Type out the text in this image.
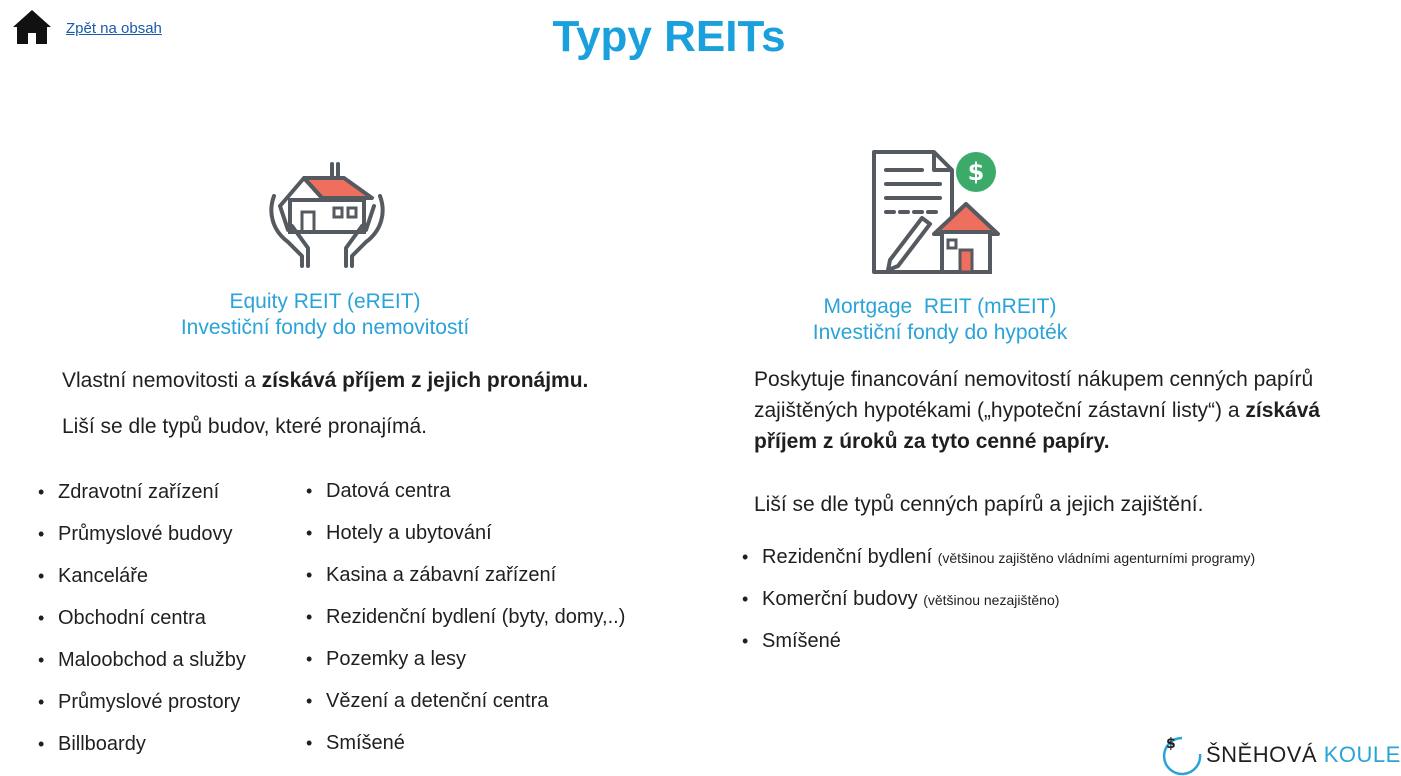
Zpět na obsah	Typy REITs
$
Equity REIT (eREIT)
Investiční fondy do nemovitostí
Vlastní nemovitosti a získává příjem z jejich pronájmu.
Liší se dle typů budov, které pronajímá.
• Zdravotní zařízení
• Průmyslové budovy
• Kanceláře
• Obchodní centra
• Maloobchod a služby
• Průmyslové prostory
• Billboardy
• Datová centra
• Hotely a ubytování
• Kasina a zábavní zařízení
• Rezidenční bydlení (byty, domy,..)
• Pozemky a lesy
• Vězení a detenční centra
• Smíšené
Mortgage  REIT (mREIT)
Investiční fondy do hypoték
Poskytuje financování nemovitostí nákupem cenných papírů zajištěných hypotékami („hypoteční zástavní listy“) a získává příjem z úroků za tyto cenné papíry.
Liší se dle typů cenných papírů a jejich zajištění.
• Rezidenční bydlení (většinou zajištěno vládními agenturními programy)
• Komerční budovy (většinou nezajištěno)
• Smíšené
$ ŠNĚHOVÁ KOULE
